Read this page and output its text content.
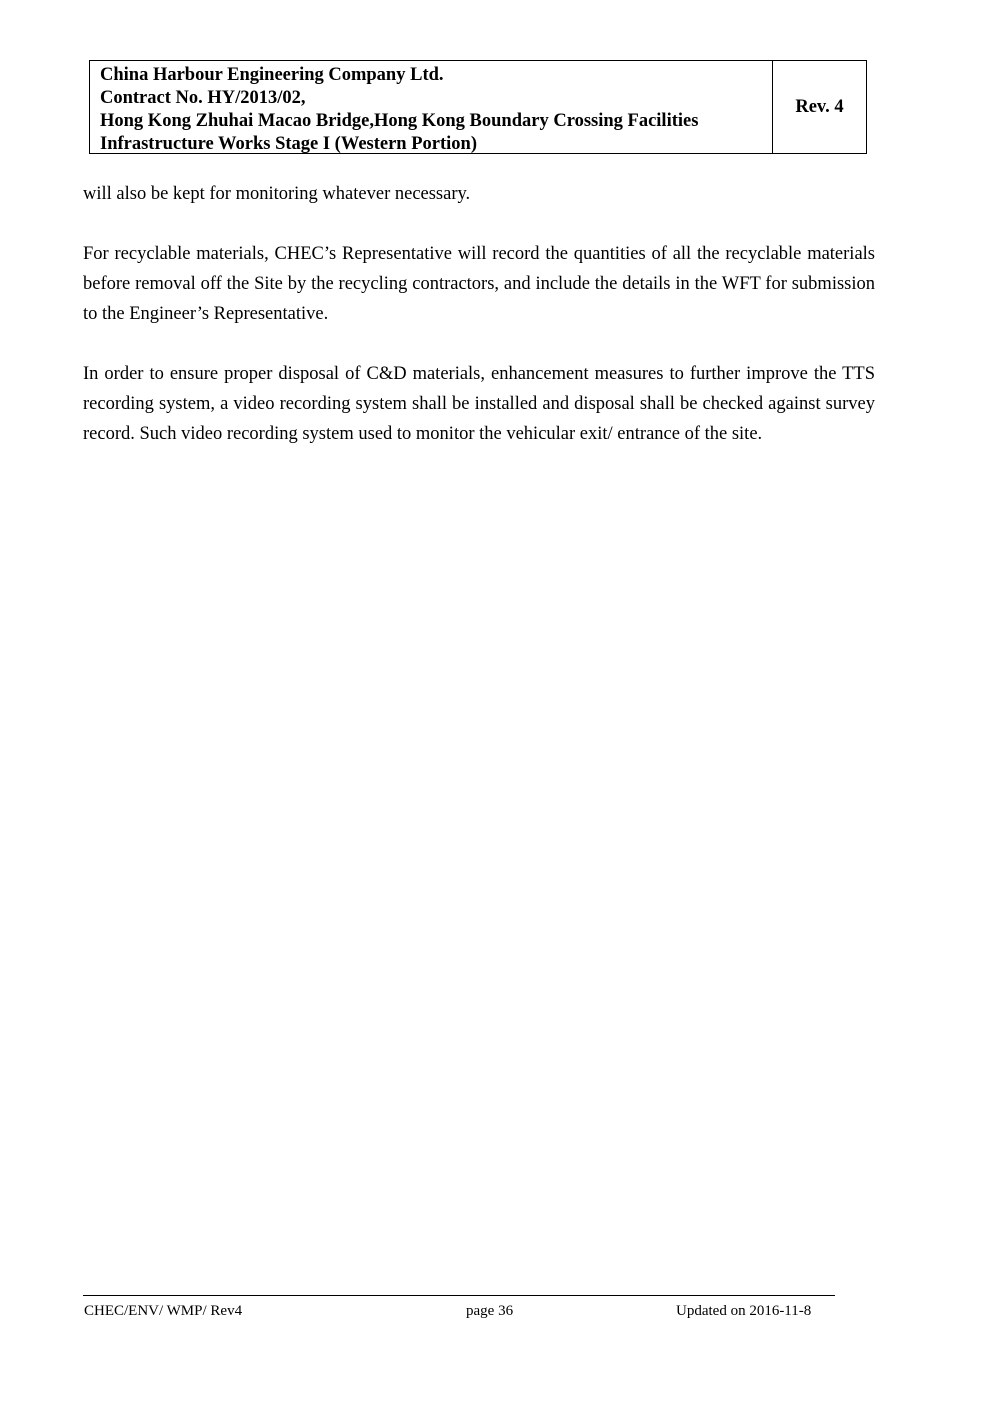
China Harbour Engineering Company Ltd.
Contract No. HY/2013/02,
Hong Kong Zhuhai Macao Bridge,Hong Kong Boundary Crossing Facilities
Infrastructure Works Stage I (Western Portion)
Rev. 4

will also be kept for monitoring whatever necessary.

For recyclable materials, CHEC’s Representative will record the quantities of all the recyclable materials before removal off the Site by the recycling contractors, and include the details in the WFT for submission to the Engineer’s Representative.

In order to ensure proper disposal of C&D materials, enhancement measures to further improve the TTS recording system, a video recording system shall be installed and disposal shall be checked against survey record. Such video recording system used to monitor the vehicular exit/ entrance of the site.

CHEC/ENV/ WMP/ Rev4	page 36	Updated on 2016-11-8
